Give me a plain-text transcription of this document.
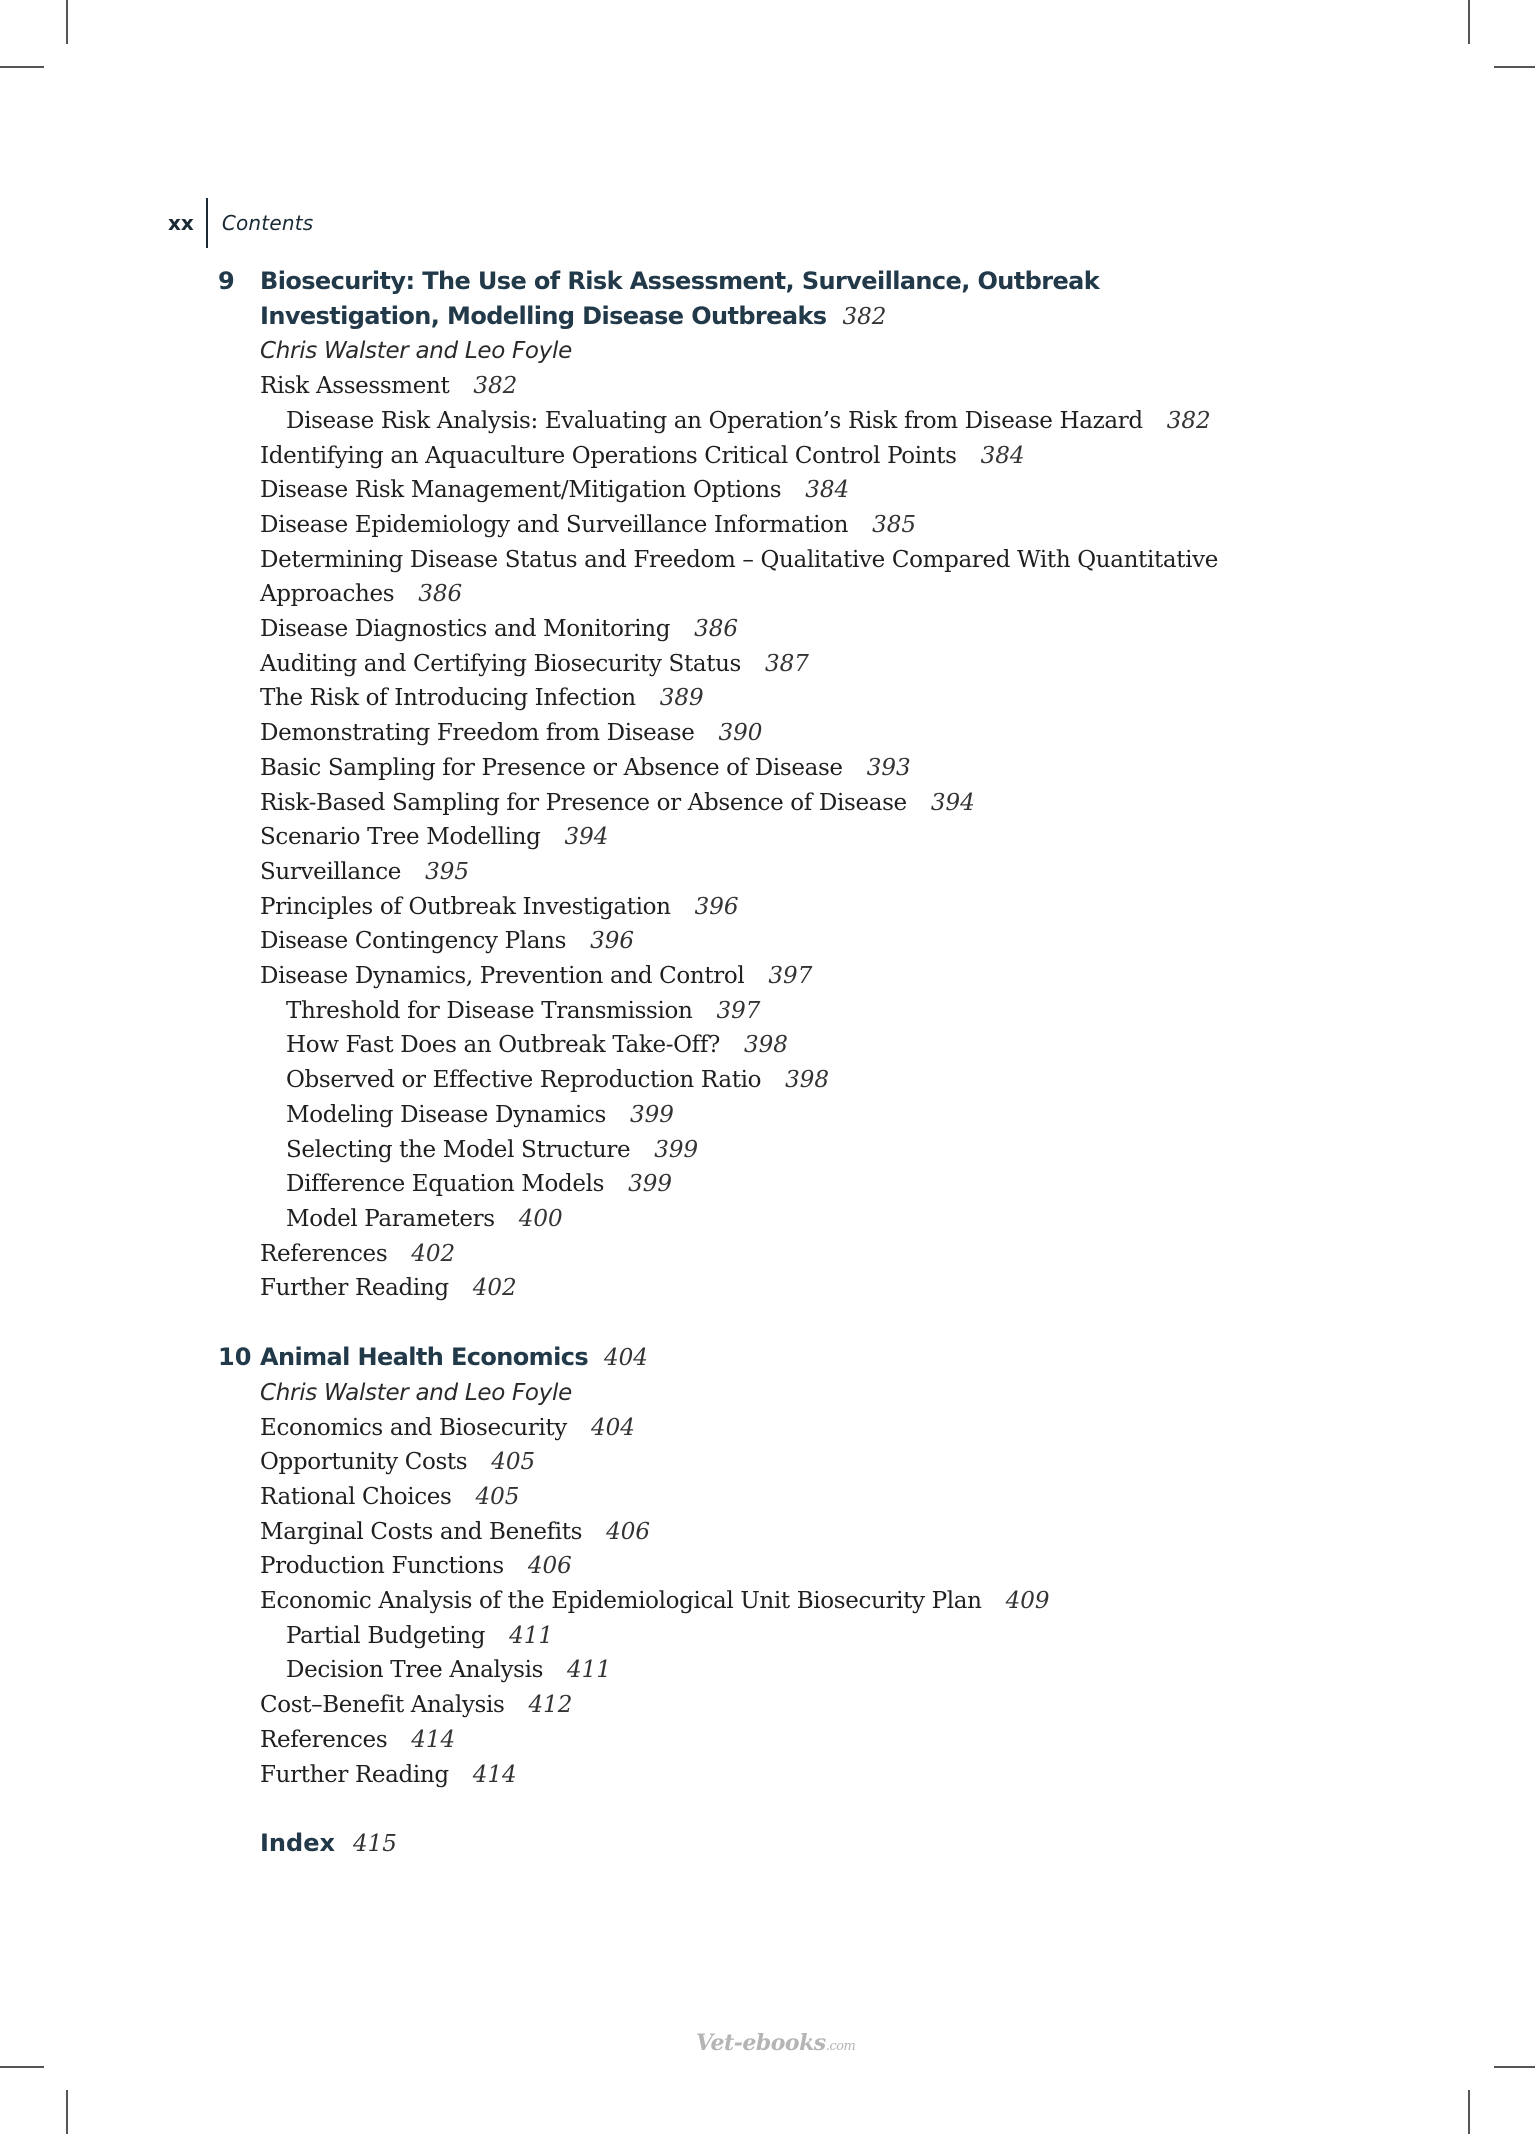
xx	Contents
9 Biosecurity: The Use of Risk Assessment, Surveillance, Outbreak Investigation, Modelling Disease Outbreaks 382
Chris Walster and Leo Foyle
Risk Assessment 382
Disease Risk Analysis: Evaluating an Operation’s Risk from Disease Hazard 382
Identifying an Aquaculture Operations Critical Control Points 384
Disease Risk Management/Mitigation Options 384
Disease Epidemiology and Surveillance Information 385
Determining Disease Status and Freedom – Qualitative Compared With Quantitative Approaches 386
Disease Diagnostics and Monitoring 386
Auditing and Certifying Biosecurity Status 387
The Risk of Introducing Infection 389
Demonstrating Freedom from Disease 390
Basic Sampling for Presence or Absence of Disease 393
Risk-Based Sampling for Presence or Absence of Disease 394
Scenario Tree Modelling 394
Surveillance 395
Principles of Outbreak Investigation 396
Disease Contingency Plans 396
Disease Dynamics, Prevention and Control 397
Threshold for Disease Transmission 397
How Fast Does an Outbreak Take-Off? 398
Observed or Effective Reproduction Ratio 398
Modeling Disease Dynamics 399
Selecting the Model Structure 399
Difference Equation Models 399
Model Parameters 400
References 402
Further Reading 402
10 Animal Health Economics 404
Chris Walster and Leo Foyle
Economics and Biosecurity 404
Opportunity Costs 405
Rational Choices 405
Marginal Costs and Benefits 406
Production Functions 406
Economic Analysis of the Epidemiological Unit Biosecurity Plan 409
Partial Budgeting 411
Decision Tree Analysis 411
Cost–Benefit Analysis 412
References 414
Further Reading 414
Index 415
Vet-ebooks.com
